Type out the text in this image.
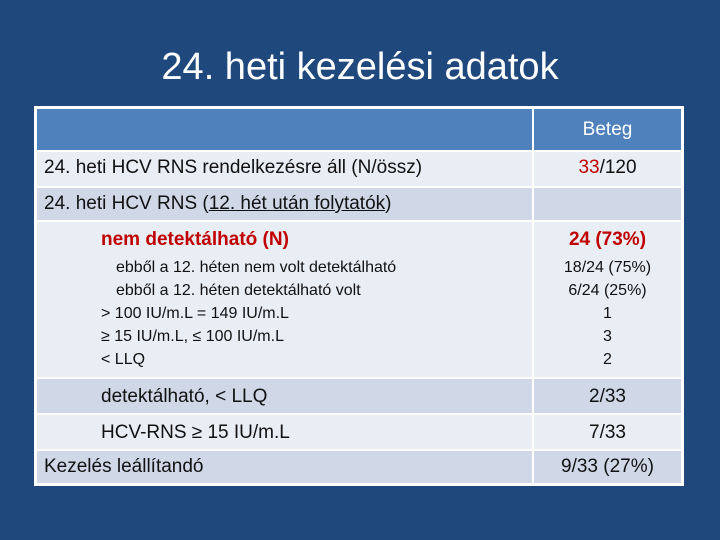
24. heti kezelési adatok
Beteg
24. heti HCV RNS rendelkezésre áll (N/össz)	33/120
24. heti HCV RNS (12. hét után folytatók)
nem detektálható (N)	24 (73%)
ebből a 12. héten nem volt detektálható	18/24 (75%)
ebből a 12. héten detektálható volt	6/24 (25%)
> 100 IU/m.L = 149 IU/m.L	1
≥ 15 IU/m.L, ≤ 100 IU/m.L	3
< LLQ	2
detektálható, < LLQ	2/33
HCV-RNS ≥ 15 IU/m.L	7/33
Kezelés leállítandó	9/33 (27%)
